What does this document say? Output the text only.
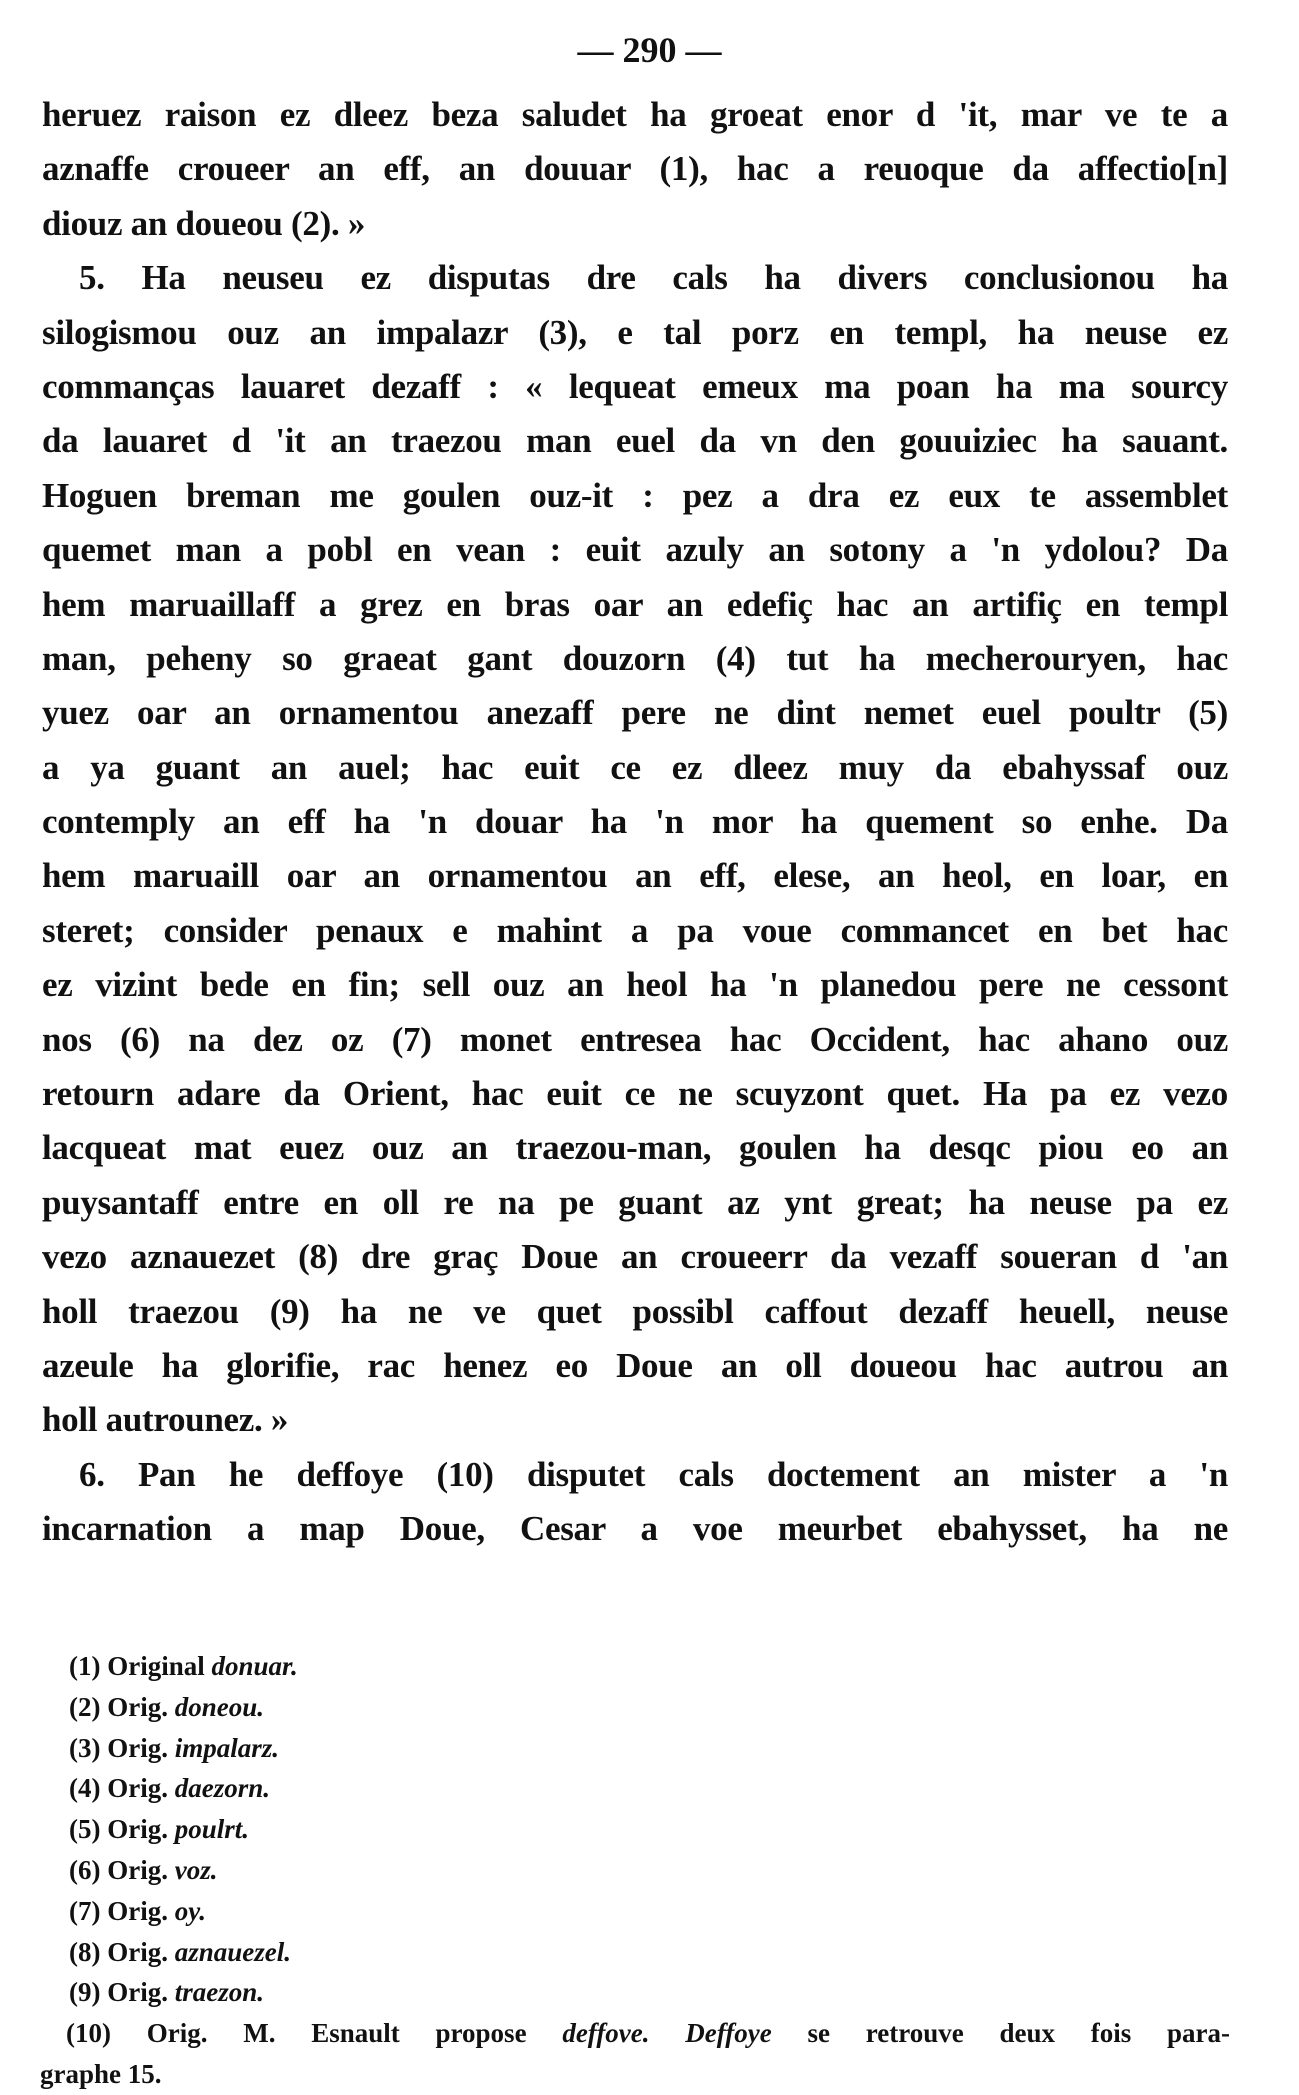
— 290 —
heruez raison ez dleez beza saludet ha groeat enor d 'it, mar ve te a
aznaffe croueer an eff, an douuar (1), hac a reuoque da affectio[n]
diouz an doueou (2). »
5. Ha neuseu ez disputas dre cals ha divers conclusionou ha
silogismou ouz an impalazr (3), e tal porz en templ, ha neuse ez
commanças lauaret dezaff : « lequeat emeux ma poan ha ma sourcy
da lauaret d 'it an traezou man euel da vn den gouuiziec ha sauant.
Hoguen breman me goulen ouz-it : pez a dra ez eux te assemblet
quemet man a pobl en vean : euit azuly an sotony a 'n ydolou? Da
hem maruaillaff a grez en bras oar an edefiç hac an artifiç en templ
man, peheny so graeat gant douzorn (4) tut ha mecherouryen, hac
yuez oar an ornamentou anezaff pere ne dint nemet euel poultr (5)
a ya guant an auel; hac euit ce ez dleez muy da ebahyssaf ouz
contemply an eff ha 'n douar ha 'n mor ha quement so enhe. Da
hem maruaill oar an ornamentou an eff, elese, an heol, en loar, en
steret; consider penaux e mahint a pa voue commancet en bet hac
ez vizint bede en fin; sell ouz an heol ha 'n planedou pere ne cessont
nos (6) na dez oz (7) monet entresea hac Occident, hac ahano ouz
retourn adare da Orient, hac euit ce ne scuyzont quet. Ha pa ez vezo
lacqueat mat euez ouz an traezou-man, goulen ha desqc piou eo an
puysantaff entre en oll re na pe guant az ynt great; ha neuse pa ez
vezo aznauezet (8) dre graç Doue an croueerr da vezaff soueran d 'an
holl traezou (9) ha ne ve quet possibl caffout dezaff heuell, neuse
azeule ha glorifie, rac henez eo Doue an oll doueou hac autrou an
holl autrounez. »
6. Pan he deffoye (10) disputet cals doctement an mister a 'n
incarnation a map Doue, Cesar a voe meurbet ebahysset, ha ne
(1) Original donuar.
(2) Orig. doneou.
(3) Orig. impalarz.
(4) Orig. daezorn.
(5) Orig. poulrt.
(6) Orig. voz.
(7) Orig. oy.
(8) Orig. aznauezel.
(9) Orig. traezon.
(10) Orig. M. Esnault propose deffove. Deffoye se retrouve deux fois para-
graphe 15.
